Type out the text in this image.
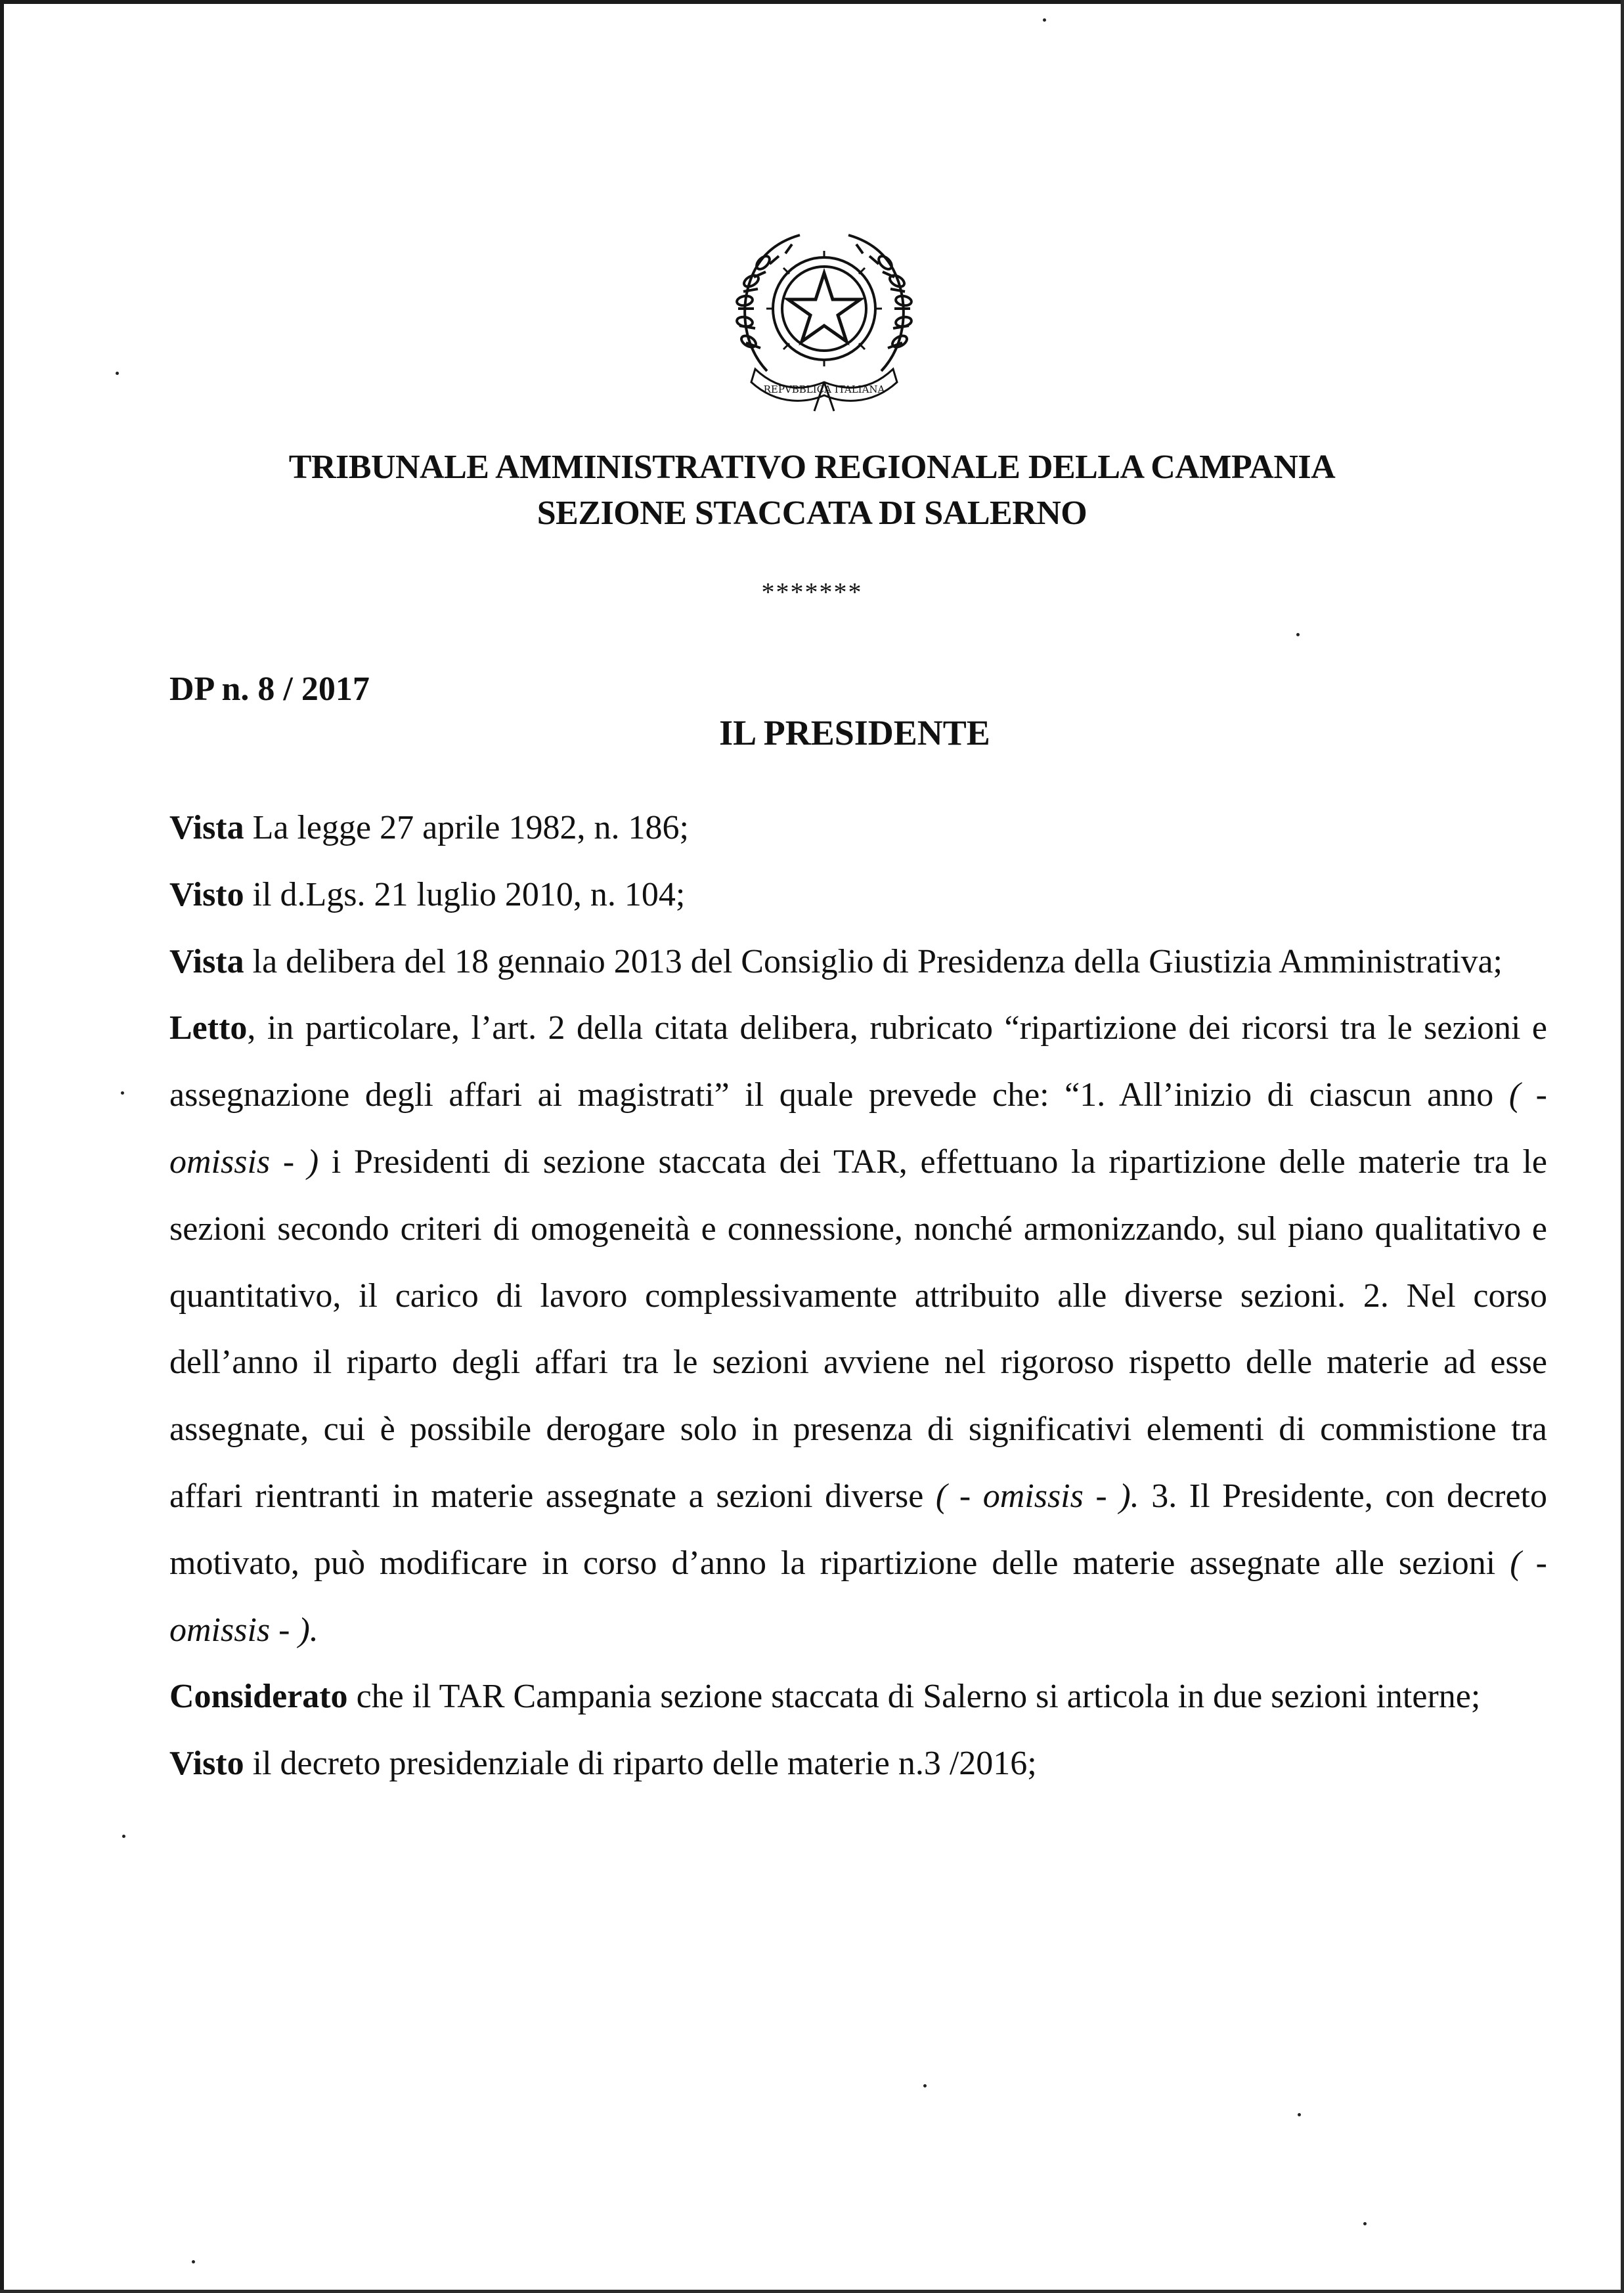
REPVBBLICA ITALIANA
TRIBUNALE AMMINISTRATIVO REGIONALE DELLA CAMPANIA
SEZIONE STACCATA DI SALERNO
*******
DP n. 8 / 2017
IL PRESIDENTE

Vista La legge 27 aprile 1982, n. 186;

Visto il d.Lgs. 21 luglio 2010, n. 104;

Vista la delibera del 18 gennaio 2013 del Consiglio di Presidenza della Giustizia Amministrativa;

Letto, in particolare, l’art. 2 della citata delibera, rubricato “ripartizione dei ricorsi tra le sezioni e assegnazione degli affari ai magistrati” il quale prevede che: “1. All’inizio di ciascun anno ( - omissis - ) i Presidenti di sezione staccata dei TAR, effettuano la ripartizione delle materie tra le sezioni secondo criteri di omogeneità e connessione, nonché armonizzando, sul piano qualitativo e quantitativo, il carico di lavoro complessivamente attribuito alle diverse sezioni. 2. Nel corso dell’anno il riparto degli affari tra le sezioni avviene nel rigoroso rispetto delle materie ad esse assegnate, cui è possibile derogare solo in presenza di significativi elementi di commistione tra affari rientranti in materie assegnate a sezioni diverse ( - omissis - ). 3. Il Presidente, con decreto motivato, può modificare in corso d’anno la ripartizione delle materie assegnate alle sezioni ( - omissis - ).

Considerato che il TAR Campania sezione staccata di Salerno si articola in due sezioni interne;

Visto il decreto presidenziale di riparto delle materie n.3 /2016;
